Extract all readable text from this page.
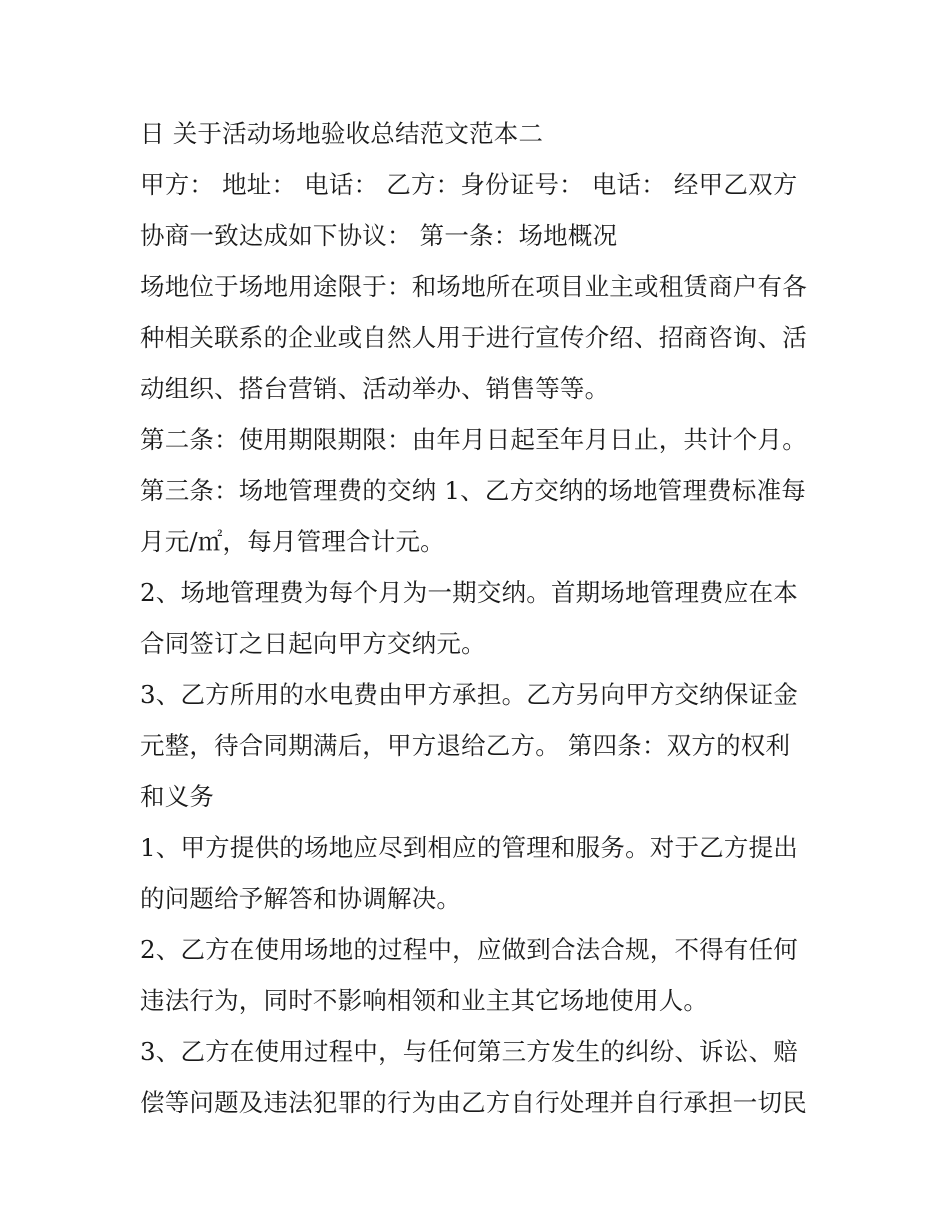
日 关于活动场地验收总结范文范本二
甲方： 地址： 电话： 乙方：身份证号： 电话： 经甲乙双方
协商一致达成如下协议： 第一条：场地概况
场地位于场地用途限于：和场地所在项目业主或租赁商户有各
种相关联系的企业或自然人用于进行宣传介绍、招商咨询、活
动组织、搭台营销、活动举办、销售等等。
第二条：使用期限期限：由年月日起至年月日止，共计个月。
第三条：场地管理费的交纳 1、乙方交纳的场地管理费标准每
月元/㎡，每月管理合计元。
2、场地管理费为每个月为一期交纳。首期场地管理费应在本
合同签订之日起向甲方交纳元。
3、乙方所用的水电费由甲方承担。乙方另向甲方交纳保证金
元整，待合同期满后，甲方退给乙方。 第四条：双方的权利
和义务
1、甲方提供的场地应尽到相应的管理和服务。对于乙方提出
的问题给予解答和协调解决。
2、乙方在使用场地的过程中，应做到合法合规，不得有任何
违法行为，同时不影响相领和业主其它场地使用人。
3、乙方在使用过程中，与任何第三方发生的纠纷、诉讼、赔
偿等问题及违法犯罪的行为由乙方自行处理并自行承担一切民
